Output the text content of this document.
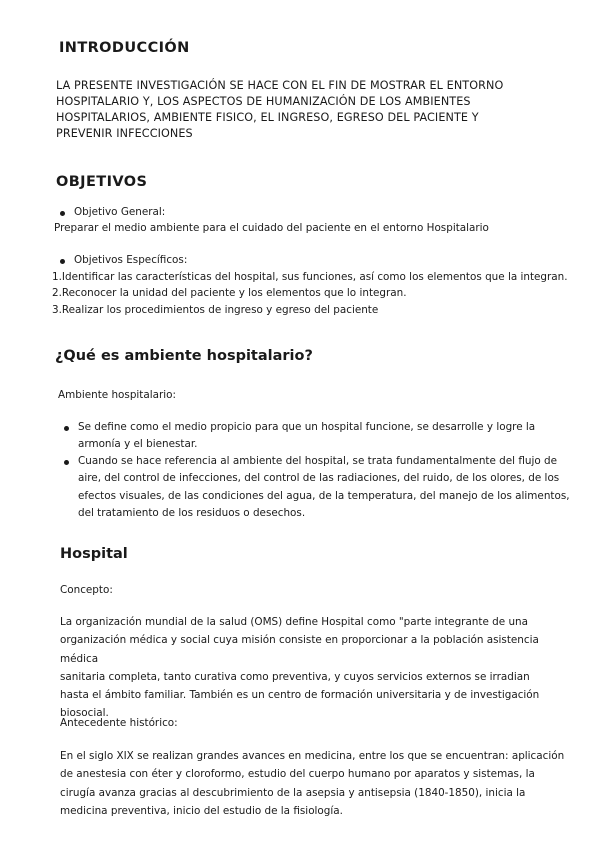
INTRODUCCIÓN
LA PRESENTE INVESTIGACIÓN SE HACE CON EL FIN DE MOSTRAR EL ENTORNO
HOSPITALARIO Y, LOS ASPECTOS DE HUMANIZACIÓN DE LOS AMBIENTES
HOSPITALARIOS, AMBIENTE FISICO, EL INGRESO, EGRESO DEL PACIENTE Y
PREVENIR INFECCIONES
OBJETIVOS
Objetivo General:
Preparar el medio ambiente para el cuidado del paciente en el entorno Hospitalario
Objetivos Específicos:
1.Identificar las características del hospital, sus funciones, así como los elementos que la integran.
2.Reconocer la unidad del paciente y los elementos que lo integran.
3.Realizar los procedimientos de ingreso y egreso del paciente
¿Qué es ambiente hospitalario?
Ambiente hospitalario:
Se define como el medio propicio para que un hospital funcione, se desarrolle y logre la
armonía y el bienestar.
Cuando se hace referencia al ambiente del hospital, se trata fundamentalmente del flujo de
aire, del control de infecciones, del control de las radiaciones, del ruido, de los olores, de los
efectos visuales, de las condiciones del agua, de la temperatura, del manejo de los alimentos,
del tratamiento de los residuos o desechos.
Hospital
Concepto:
La organización mundial de la salud (OMS) define Hospital como "parte integrante de una
organización médica y social cuya misión consiste en proporcionar a la población asistencia médica
sanitaria completa, tanto curativa como preventiva, y cuyos servicios externos se irradian
hasta el ámbito familiar. También es un centro de formación universitaria y de investigación
biosocial.
Antecedente histórico:
En el siglo XIX se realizan grandes avances en medicina, entre los que se encuentran: aplicación
de anestesia con éter y cloroformo, estudio del cuerpo humano por aparatos y sistemas, la
cirugía avanza gracias al descubrimiento de la asepsia y antisepsia (1840-1850), inicia la
medicina preventiva, inicio del estudio de la fisiología.
